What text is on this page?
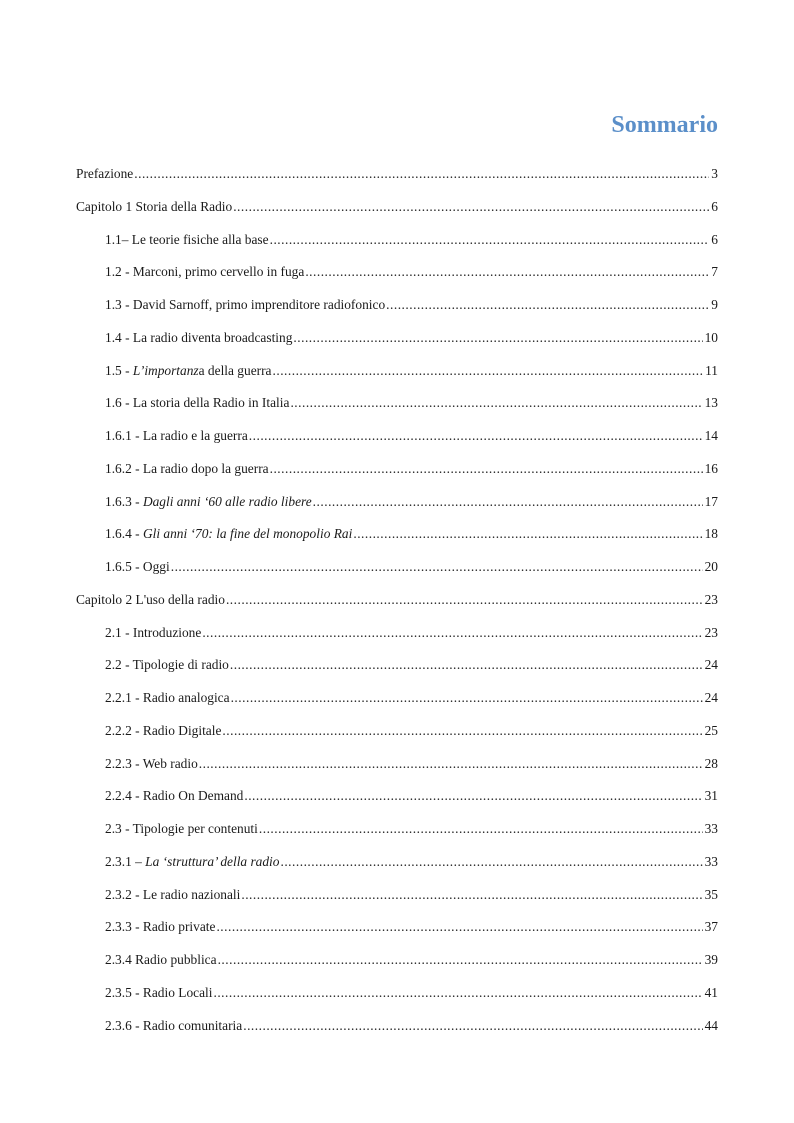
Sommario
Prefazione .....	3
Capitolo 1 Storia della Radio .....	6
1.1– Le teorie fisiche alla base .....	6
1.2 - Marconi, primo cervello in fuga .....	7
1.3 - David Sarnoff, primo imprenditore radiofonico .....	9
1.4 - La radio diventa broadcasting .....	10
1.5 - L’importanza della guerra .....	11
1.6 - La storia della Radio in Italia .....	13
1.6.1 - La radio e la guerra .....	14
1.6.2 - La radio dopo la guerra .....	16
1.6.3 - Dagli anni ‘60 alle radio libere .....	17
1.6.4 - Gli anni ‘70: la fine del monopolio Rai .....	18
1.6.5 - Oggi .....	20
Capitolo 2 L'uso della radio .....	23
2.1 - Introduzione .....	23
2.2 - Tipologie di radio .....	24
2.2.1 - Radio analogica .....	24
2.2.2 - Radio Digitale .....	25
2.2.3 - Web radio .....	28
2.2.4 - Radio On Demand .....	31
2.3 - Tipologie per contenuti .....	33
2.3.1 – La ‘struttura’ della radio .....	33
2.3.2 - Le radio nazionali .....	35
2.3.3 - Radio private .....	37
2.3.4 Radio pubblica .....	39
2.3.5 - Radio Locali .....	41
2.3.6 - Radio comunitaria .....	44
